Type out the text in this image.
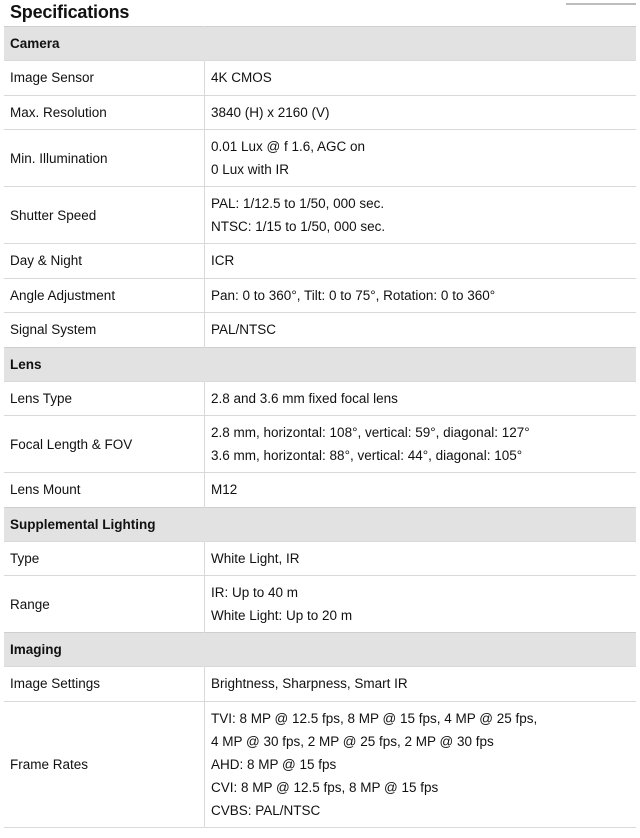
Specifications
Camera	
Image Sensor	4K CMOS

Max. Resolution	3840 (H) x 2160 (V)

Min. Illumination	0.01 Lux @ f 1.6, AGC on
0 Lux with IR

Shutter Speed	PAL: 1/12.5 to 1/50, 000 sec.
NTSC: 1/15 to 1/50, 000 sec.

Day & Night	ICR

Angle Adjustment	Pan: 0 to 360°, Tilt: 0 to 75°, Rotation: 0 to 360°

Signal System	PAL/NTSC

Lens	
Lens Type	2.8 and 3.6 mm fixed focal lens

Focal Length & FOV	2.8 mm, horizontal: 108°, vertical: 59°, diagonal: 127°
3.6 mm, horizontal: 88°, vertical: 44°, diagonal: 105°

Lens Mount	M12

Supplemental Lighting	
Type	White Light, IR

Range	IR: Up to 40 m
White Light: Up to 20 m

Imaging	
Image Settings	Brightness, Sharpness, Smart IR

Frame Rates	TVI: 8 MP @ 12.5 fps, 8 MP @ 15 fps, 4 MP @ 25 fps,
4 MP @ 30 fps, 2 MP @ 25 fps, 2 MP @ 30 fps
AHD: 8 MP @ 15 fps
CVI: 8 MP @ 12.5 fps, 8 MP @ 15 fps
CVBS: PAL/NTSC
